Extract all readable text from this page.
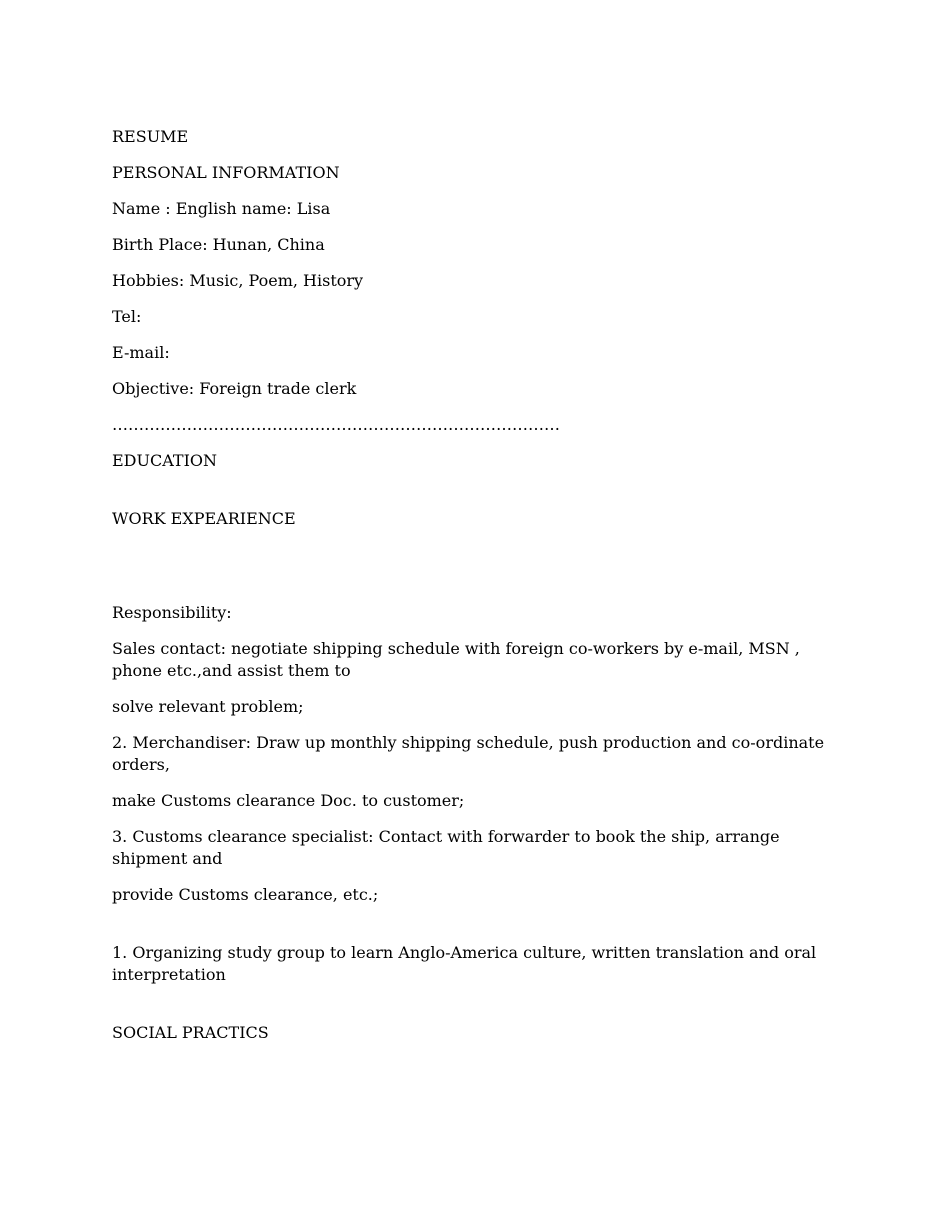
RESUME

PERSONAL INFORMATION

Name : English name: Lisa

Birth Place: Hunan, China

Hobbies: Music, Poem, History

Tel:

E-mail:

Objective: Foreign trade clerk

…………………………………………………………………………

EDUCATION

WORK EXPEARIENCE

Responsibility:

Sales contact: negotiate shipping schedule with foreign co-workers by e-mail, MSN , phone etc.,and assist them to

solve relevant problem;

2. Merchandiser: Draw up monthly shipping schedule, push production and co-ordinate orders,

make Customs clearance Doc. to customer;

3. Customs clearance specialist: Contact with forwarder to book the ship, arrange shipment and

provide Customs clearance, etc.;

1. Organizing study group to learn Anglo-America culture, written translation and oral interpretation

SOCIAL PRACTICS
